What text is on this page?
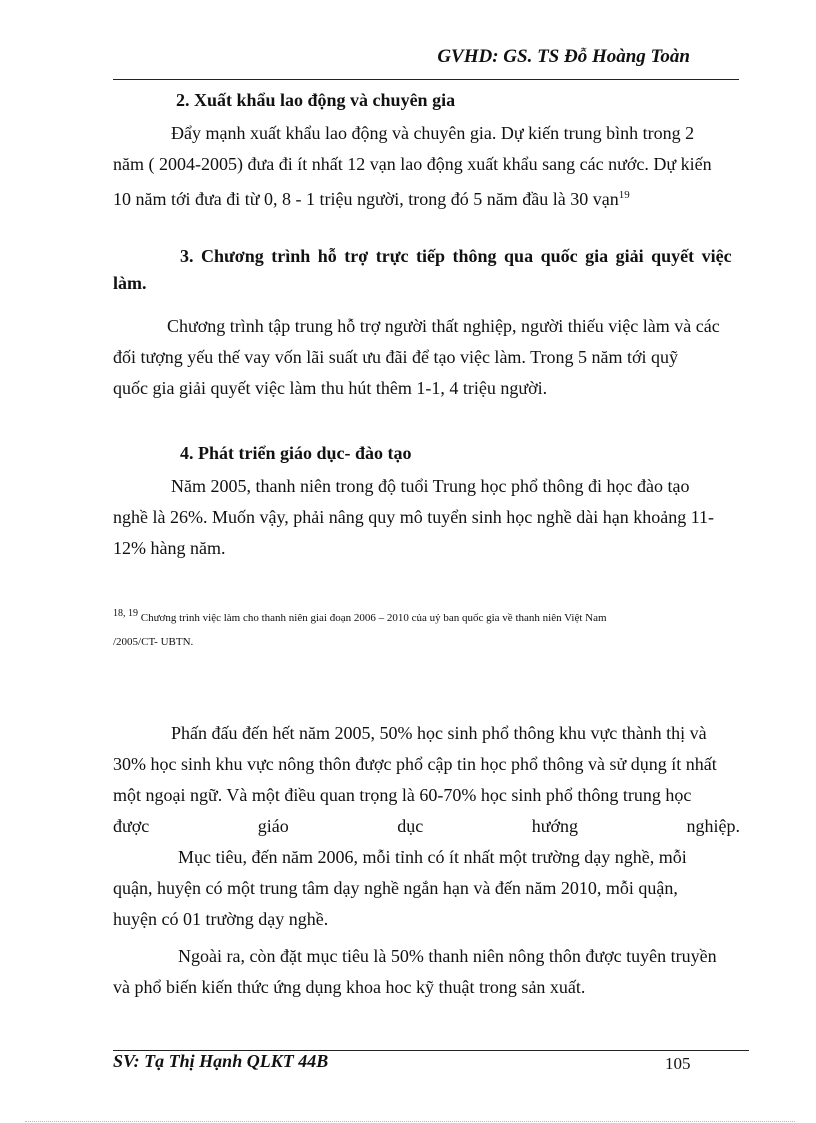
GVHD: GS. TS Đỗ Hoàng Toàn
2. Xuất khẩu lao động và chuyên gia
Đẩy mạnh xuất khẩu lao động và chuyên gia. Dự kiến trung bình trong 2
năm ( 2004-2005) đưa đi ít nhất 12 vạn lao động xuất khẩu sang các nước. Dự kiến
10 năm tới đưa đi từ 0, 8 - 1 triệu người, trong đó 5 năm đầu là 30 vạn$^{19}$
3. Chương trình hỗ trợ trực tiếp thông qua quốc gia giải quyết việc
làm.
Chương trình tập trung hỗ trợ người thất nghiệp, người thiếu việc làm và các
đối tượng yếu thế vay vốn lãi suất ưu đãi để tạo việc làm. Trong 5 năm tới quỹ
quốc gia giải quyết việc làm thu hút thêm 1-1, 4 triệu người.
4. Phát triển giáo dục- đào tạo
Năm 2005, thanh niên trong độ tuổi Trung học phổ thông đi học đào tạo
nghề là 26%. Muốn vậy, phải nâng quy mô tuyển sinh học nghề dài hạn khoảng 11-
12% hàng năm.
18, 19 Chương trình việc làm cho thanh niên giai đoạn 2006 – 2010 của uỷ ban quốc gia về thanh niên Việt Nam
/2005/CT- UBTN.
Phấn đấu đến hết năm 2005, 50% học sinh phổ thông khu vực thành thị và
30% học sinh khu vực nông thôn được phổ cập tin học phổ thông và sử dụng ít nhất
một ngoại ngữ. Và một điều quan trọng là 60-70% học sinh phổ thông trung học
được	giáo	dục	hướng	nghiệp.
Mục tiêu, đến năm 2006, mỗi tỉnh có ít nhất một trường dạy nghề, mỗi
quận, huyện có một trung tâm dạy nghề ngắn hạn và đến năm 2010, mỗi quận,
huyện có 01 trường dạy nghề.
Ngoài ra, còn đặt mục tiêu là 50% thanh niên nông thôn được tuyên truyền
và phổ biến kiến thức ứng dụng khoa hoc kỹ thuật trong sản xuất.
SV: Tạ Thị Hạnh QLKT 44B	105
